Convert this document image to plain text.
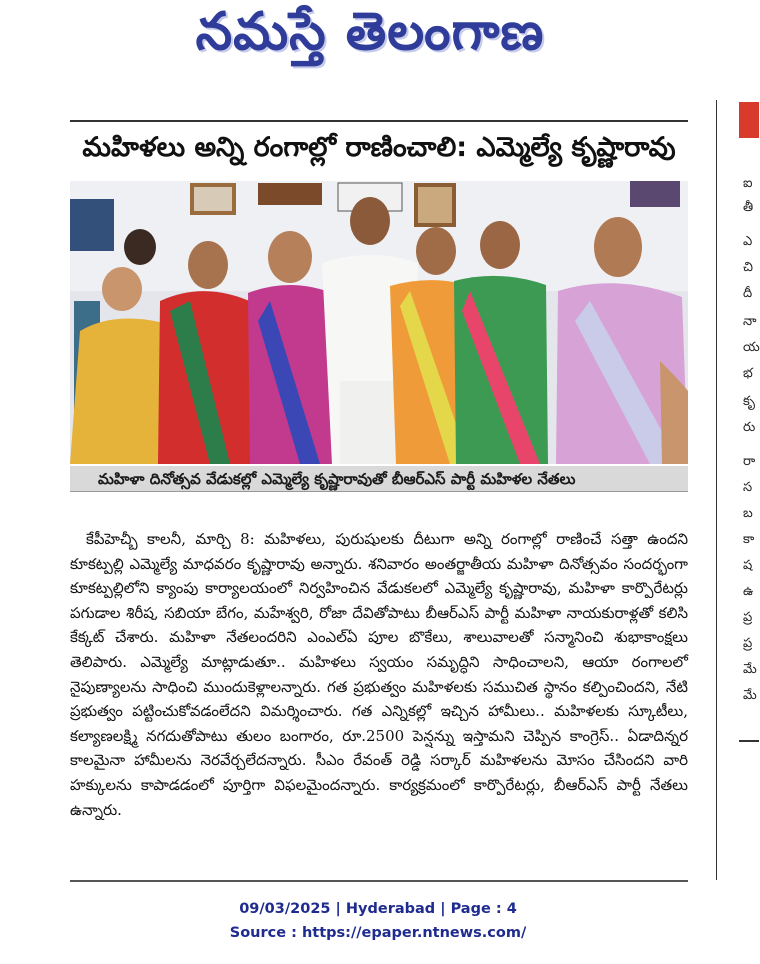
నమస్తే తెలంగాణ
మహిళలు అన్ని రంగాల్లో రాణించాలి: ఎమ్మెల్యే కృష్ణారావు
మహిళా దినోత్సవ వేడుకల్లో ఎమ్మెల్యే కృష్ణారావుతో బీఆర్ఎస్ పార్టీ మహిళల నేతలు
కేపీహెచ్బీ కాలనీ, మార్చి 8: మహిళలు, పురుషులకు దీటుగా అన్ని రంగాల్లో రాణించే సత్తా ఉందని కూకట్పల్లి ఎమ్మెల్యే మాధవరం కృష్ణారావు అన్నారు. శనివారం అంతర్జాతీయ మహిళా దినోత్సవం సందర్భంగా కూకట్పల్లిలోని క్యాంపు కార్యాలయంలో నిర్వహించిన వేడుకలలో ఎమ్మెల్యే కృష్ణారావు, మహిళా కార్పొరేటర్లు పగుడాల శిరీష, సబియా బేగం, మహేశ్వరి, రోజా దేవితోపాటు బీఆర్ఎస్ పార్టీ మహిళా నాయకురాళ్లతో కలిసి కేక్కట్ చేశారు. మహిళా నేతలందరిని ఎంఎల్ఏ పూల బొకేలు, శాలువాలతో సన్మానించి శుభాకాంక్షలు తెలిపారు. ఎమ్మెల్యే మాట్లాడుతూ.. మహిళలు స్వయం సమృద్ధిని సాధించాలని, ఆయా రంగాలలో నైపుణ్యాలను సాధించి ముందుకెళ్లాలన్నారు. గత ప్రభుత్వం మహిళలకు సముచిత స్థానం కల్పించిందని, నేటి ప్రభుత్వం పట్టించుకోవడంలేదని విమర్శించారు. గత ఎన్నికల్లో ఇచ్చిన హామీలు.. మహిళలకు స్కూటీలు, కల్యాణలక్ష్మి నగదుతోపాటు తులం బంగారం, రూ.2500 పెన్షన్ను ఇస్తామని చెప్పిన కాంగ్రెస్.. ఏడాదిన్నర కాలమైనా హామీలను నెరవేర్చలేదన్నారు. సీఎం రేవంత్ రెడ్డి సర్కార్ మహిళలను మోసం చేసిందని వారి హక్కులను కాపాడడంలో పూర్తిగా విఫలమైందన్నారు. కార్యక్రమంలో కార్పొరేటర్లు, బీఆర్ఎస్ పార్టీ నేతలు ఉన్నారు.
ఐ
తీ
ఎ
చి
దీ
నా
య
భ
కృ
రు
రా
స
బ
కా
ష
ఉ
ప్ర
ప్ర
మే
మే
09/03/2025 | Hyderabad | Page : 4
Source : https://epaper.ntnews.com/
